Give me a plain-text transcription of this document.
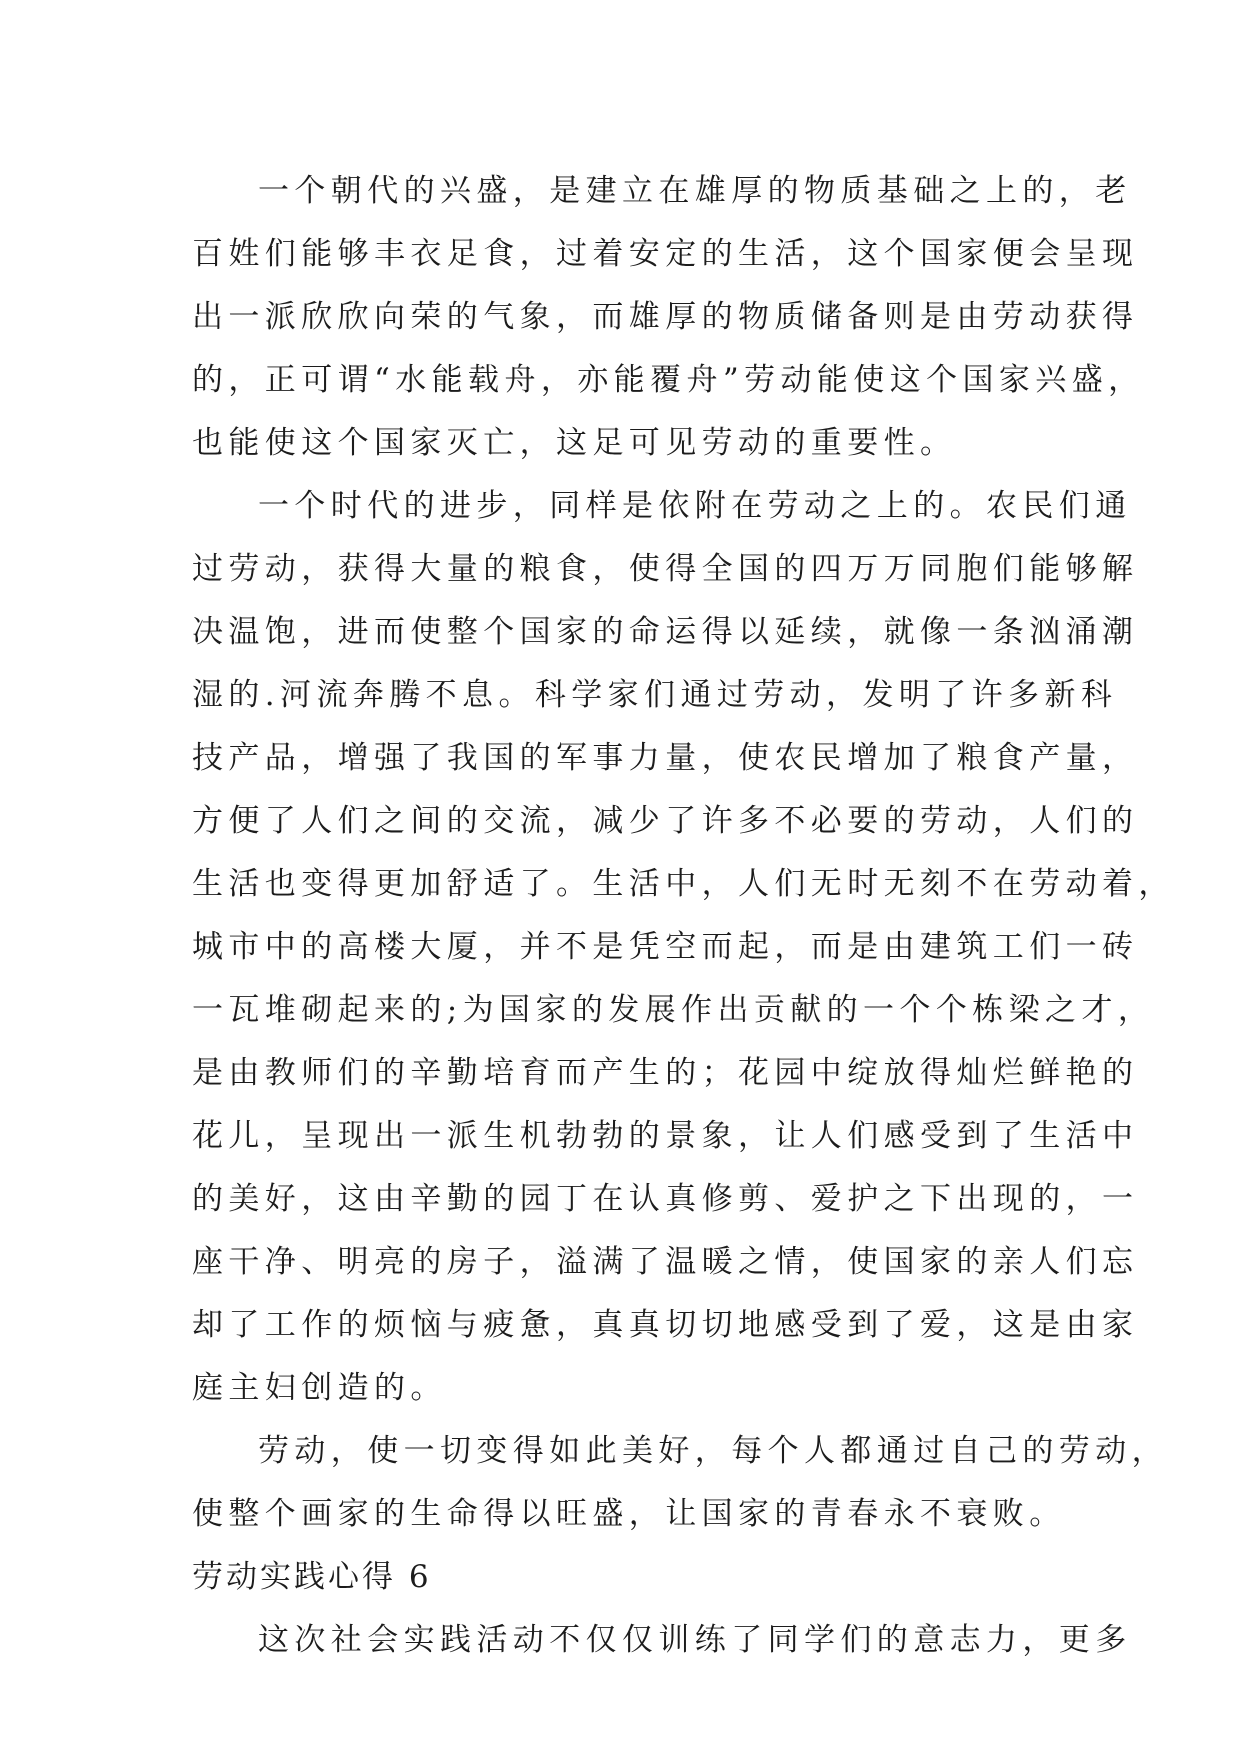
一个朝代的兴盛，是建立在雄厚的物质基础之上的，老
百姓们能够丰衣足食，过着安定的生活，这个国家便会呈现
出一派欣欣向荣的气象，而雄厚的物质储备则是由劳动获得
的，正可谓“水能载舟，亦能覆舟”劳动能使这个国家兴盛，
也能使这个国家灭亡，这足可见劳动的重要性。
一个时代的进步，同样是依附在劳动之上的。农民们通
过劳动，获得大量的粮食，使得全国的四万万同胞们能够解
决温饱，进而使整个国家的命运得以延续，就像一条汹涌潮
湿的.河流奔腾不息。科学家们通过劳动，发明了许多新科
技产品，增强了我国的军事力量，使农民增加了粮食产量，
方便了人们之间的交流，减少了许多不必要的劳动，人们的
生活也变得更加舒适了。生活中，人们无时无刻不在劳动着，
城市中的高楼大厦，并不是凭空而起，而是由建筑工们一砖
一瓦堆砌起来的;为国家的发展作出贡献的一个个栋梁之才，
是由教师们的辛勤培育而产生的；花园中绽放得灿烂鲜艳的
花儿，呈现出一派生机勃勃的景象，让人们感受到了生活中
的美好，这由辛勤的园丁在认真修剪、爱护之下出现的，一
座干净、明亮的房子，溢满了温暖之情，使国家的亲人们忘
却了工作的烦恼与疲惫，真真切切地感受到了爱，这是由家
庭主妇创造的。
劳动，使一切变得如此美好，每个人都通过自己的劳动，
使整个画家的生命得以旺盛，让国家的青春永不衰败。
劳动实践心得 6
这次社会实践活动不仅仅训练了同学们的意志力，更多
